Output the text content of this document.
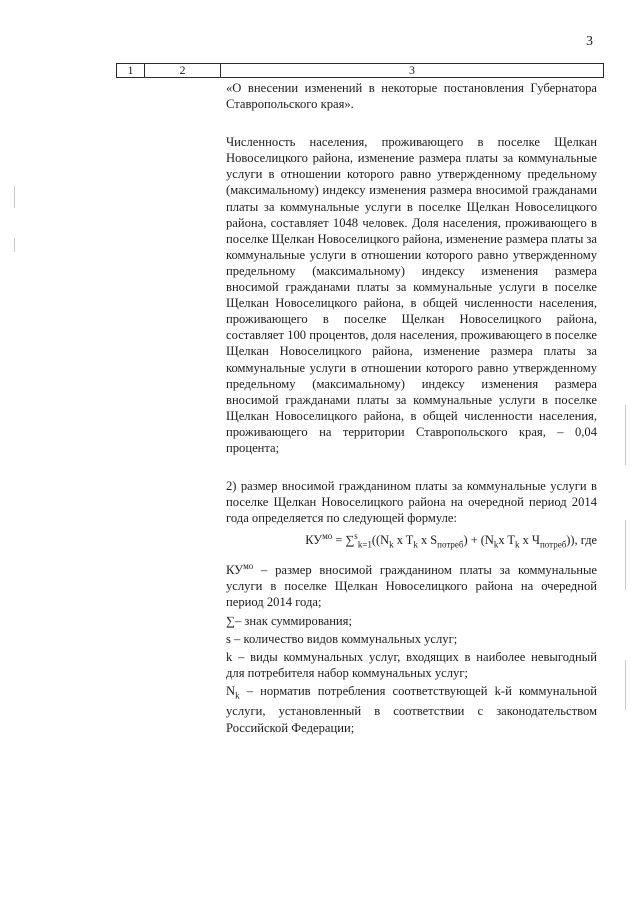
3
1	2	3

«О внесении изменений в некоторые постановления Губернатора Ставропольского края».

Численность населения, проживающего в поселке Щелкан Новоселицкого района, изменение размера платы за коммунальные услуги в отношении которого равно утвержденному предельному (максимальному) индексу изменения размера вносимой гражданами платы за коммунальные услуги в поселке Щелкан Новоселицкого района, составляет 1048 человек. Доля населения, проживающего в поселке Щелкан Новоселицкого района, изменение размера платы за коммунальные услуги в отношении которого равно утвержденному предельному (максимальному) индексу изменения размера вносимой гражданами платы за коммунальные услуги в поселке Щелкан Новоселицкого района, в общей численности населения, проживающего в поселке Щелкан Новоселицкого района, составляет 100 процентов, доля населения, проживающего в поселке Щелкан Новоселицкого района, изменение размера платы за коммунальные услуги в отношении которого равно утвержденному предельному (максимальному) индексу изменения размера вносимой гражданами платы за коммунальные услуги в поселке Щелкан Новоселицкого района, в общей численности населения, проживающего на территории Ставропольского края, – 0,04 процента;

2) размер вносимой гражданином платы за коммунальные услуги в поселке Щелкан Новоселицкого района на очередной период 2014 года определяется по следующей формуле:

$КУ^{мо} = \sum^s_{k=1}((N_k$ x $T_k$ x $S_{потреб}) + (N_kx$ $T_k$ x $Ч_{потреб}$)), где

$КУ^{мо}$ – размер вносимой гражданином платы за коммунальные услуги в поселке Щелкан Новоселицкого района на очередной период 2014 года;

∑– знак суммирования;

s – количество видов коммунальных услуг;

k – виды коммунальных услуг, входящих в наиболее невыгодный для потребителя набор коммунальных услуг;

$N_k$ – норматив потребления соответствующей k-й коммунальной услуги, установленный в соответствии с законодательством Российской Федерации;
